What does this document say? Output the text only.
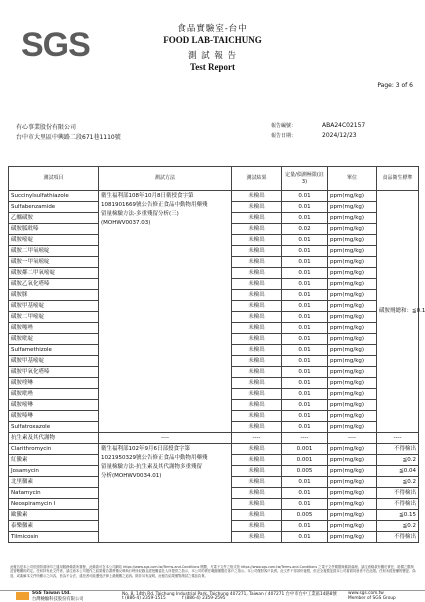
SGS	食品實驗室-台中
FOOD LAB-TAICHUNG
測 試 報 告
Test Report
Page: 3 of 6
有心事業股份有限公司
台中市大里區中興路二段671巷1110號
報告編號：	ABA24C02157
報告日期：	2024/12/23
測試項目	測試方法	測試結果	定量/偵測極限(註3)	單位	食品衛生標準
Succinylsulfathiazole	衛生福利部108年10月8日衛授食字第
1081901669號公告修正食品中動物用藥殘
留量檢驗方法-多重殘留分析(三)
(MOHWV0037.03)	未檢出	0.01	ppm(mg/kg)	磺胺劑總和：≦0.1
Sulfabenzamide		未檢出	0.01	ppm(mg/kg)	
乙醯磺胺		未檢出	0.01	ppm(mg/kg)	
磺胺胍吡嗪		未檢出	0.02	ppm(mg/kg)	
磺胺嘧啶		未檢出	0.01	ppm(mg/kg)	
磺胺二甲氧嘧啶		未檢出	0.01	ppm(mg/kg)	
磺胺一甲氧嘧啶		未檢出	0.01	ppm(mg/kg)	
磺胺鄰二甲氧嘧啶		未檢出	0.01	ppm(mg/kg)	
磺胺乙氧化嗒嗪		未檢出	0.01	ppm(mg/kg)	
磺胺脒		未檢出	0.01	ppm(mg/kg)	
磺胺甲基嘧啶		未檢出	0.01	ppm(mg/kg)	
磺胺二甲嘧啶		未檢出	0.01	ppm(mg/kg)	
磺胺噻唑		未檢出	0.01	ppm(mg/kg)	
磺胺吡啶		未檢出	0.01	ppm(mg/kg)	
Sulfamethizole		未檢出	0.01	ppm(mg/kg)	
磺胺甲基嘧啶		未檢出	0.01	ppm(mg/kg)	
磺胺甲氧化嗒嗪		未檢出	0.01	ppm(mg/kg)	
磺胺喹啉		未檢出	0.01	ppm(mg/kg)	
磺胺吡唑		未檢出	0.01	ppm(mg/kg)	
磺胺嘧啉		未檢出	0.01	ppm(mg/kg)	
磺胺嗪啉		未檢出	0.01	ppm(mg/kg)	
Sulfatroxazole		未檢出	0.01	ppm(mg/kg)	
抗生素及其代謝物	----	----	----	----	----
Clarithromycin	衛生福利部102年9月6日部授食字第
1021950329號公告修正食品中動物用藥殘
留量檢驗方法-抗生素及其代謝物多重殘留
分析(MOHWV0034.01)	未檢出	0.001	ppm(mg/kg)	不得檢出
紅黴素		未檢出	0.001	ppm(mg/kg)	≦0.2
Josamycin		未檢出	0.005	ppm(mg/kg)	≦0.04
北里黴素		未檢出	0.01	ppm(mg/kg)	≦0.2
Natamycin		未檢出	0.01	ppm(mg/kg)	不得檢出
Neospiramycin I		未檢出	0.01	ppm(mg/kg)	不得檢出
歐黴素		未檢出	0.005	ppm(mg/kg)	≦0.15
泰樂黴素		未檢出	0.01	ppm(mg/kg)	≦0.2
Tilmicosin		未檢出	0.01	ppm(mg/kg)	不得檢出
此報告是本公司依照背面所印之通用服務條款所簽發，此條款可在本公司網站 https://www.sgs.com.tw/Terms-and-Conditions 閱覽，凡電子文件之格式依 https://www.sgs.com.tw/Terms-and-Conditions 之電子文件期限與條款處理。請注意條款有關於責任、賠償之限制及管轄權的約定。任何持有此文件者，請注意本公司製作之結果報告書將僅反映執行時所紀錄且經授權委託人所提供之指示，本公司的責任範圍僅限於客戶之指示。本公司僅對客戶負責。此文件不得部份複製，但完全複製並經本公司書面同意者不在此限。任何未經授權的變更、偽造、或曲解本文件所顯示之內容，皆為不合法，違犯者可能遭受法律上最嚴厲之追訴。除非另有說明，此報告結果僅對測試之樣品負責。
SGS Taiwan Ltd.
台灣檢驗科技股份有限公司
No. 8, 14th Rd, Taichung Industrial Park, Taichung 407271, Taiwan / 407271 台中市台中工業區14路8號
t (886-4) 2359-1515	f (886-4) 2359-2595
www.sgs.com.tw
Member of SGS Group
